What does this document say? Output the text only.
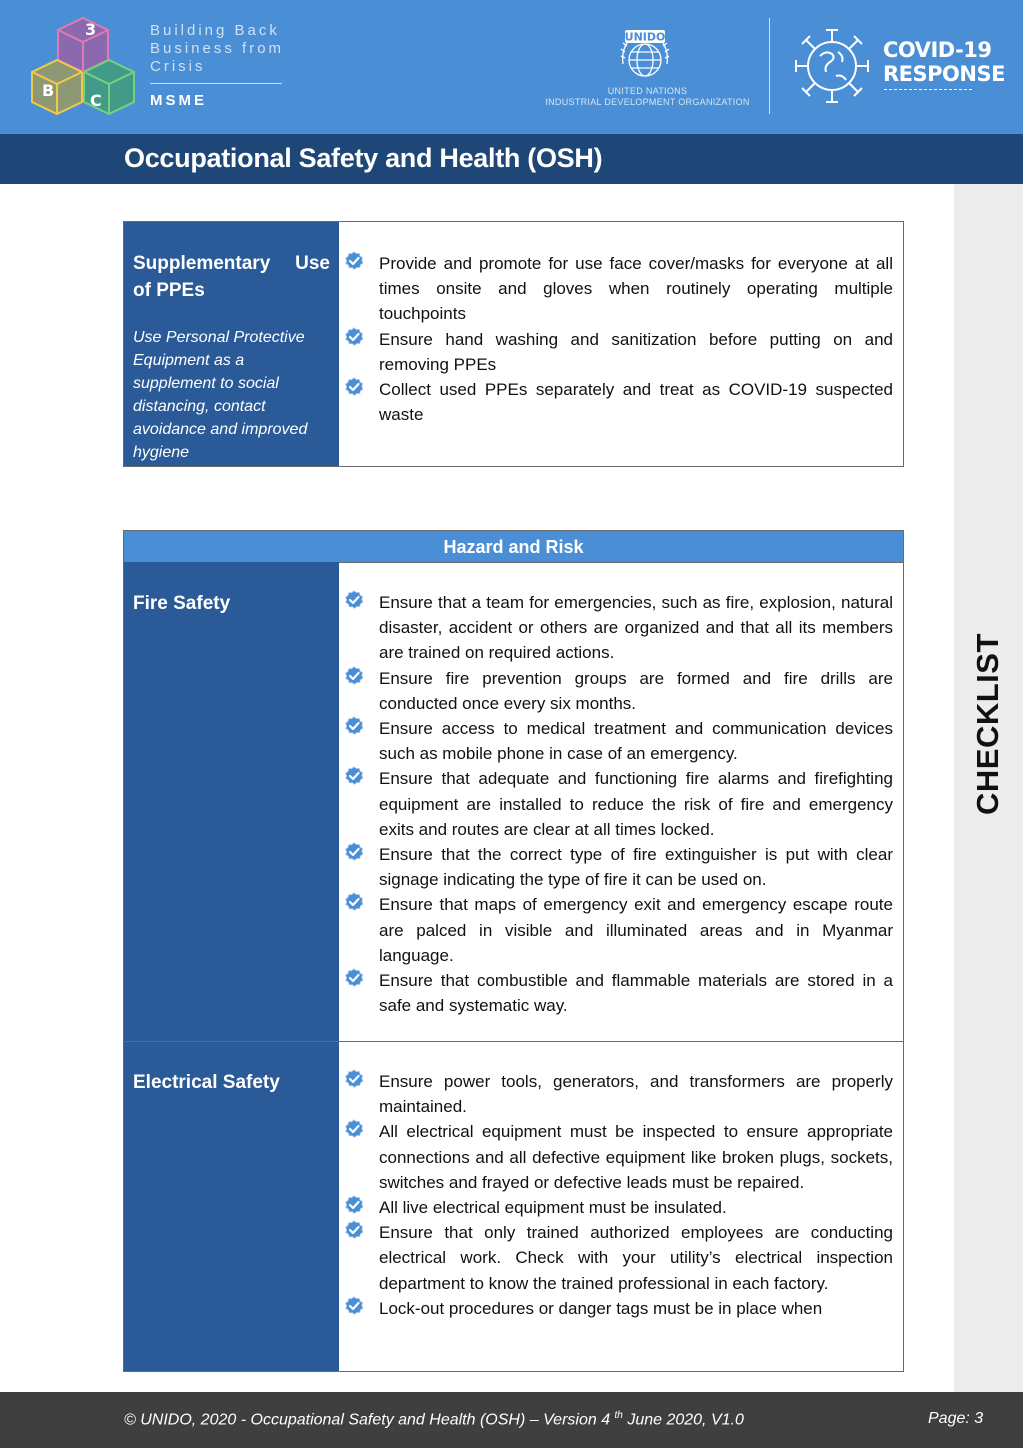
3
B
C
Building Back
Business from
Crisis
MSME
UNIDO
UNITED NATIONS
INDUSTRIAL DEVELOPMENT ORGANIZATION
COVID-19
RESPONSE
Occupational Safety and Health (OSH)
CHECKLIST
Supplementary Use of PPEs
Use Personal Protective Equipment as a supplement to social distancing, contact avoidance and improved hygiene
Provide and promote for use face cover/masks for everyone at all times onsite and gloves when routinely operating multiple touchpoints
Ensure hand washing and sanitization before putting on and removing PPEs
Collect used PPEs separately and treat as COVID-19 suspected waste
Hazard and Risk
Fire Safety	Ensure that a team for emergencies, such as fire, explosion, natural disaster, accident or others are organized and that all its members are trained on required actions.
Ensure fire prevention groups are formed and fire drills are conducted once every six months.
Ensure access to medical treatment and communication devices such as mobile phone in case of an emergency.
Ensure that adequate and functioning fire alarms and firefighting equipment are installed to reduce the risk of fire and emergency exits and routes are clear at all times locked.
Ensure that the correct type of fire extinguisher is put with clear signage indicating the type of fire it can be used on.
Ensure that maps of emergency exit and emergency escape route are palced in visible and illuminated areas and in Myanmar language.
Ensure that combustible and flammable materials are stored in a safe and systematic way.
Electrical Safety	Ensure power tools, generators, and transformers are properly maintained.
All electrical equipment must be inspected to ensure appropriate connections and all defective equipment like broken plugs, sockets, switches and frayed or defective leads must be repaired.
All live electrical equipment must be insulated.
Ensure that only trained authorized employees are conducting electrical work. Check with your utility’s electrical inspection department to know the trained professional in each factory.
Lock-out procedures or danger tags must be in place when
© UNIDO, 2020 - Occupational Safety and Health (OSH) – Version 4 $^{th}$ June 2020, V1.0	Page: 3
